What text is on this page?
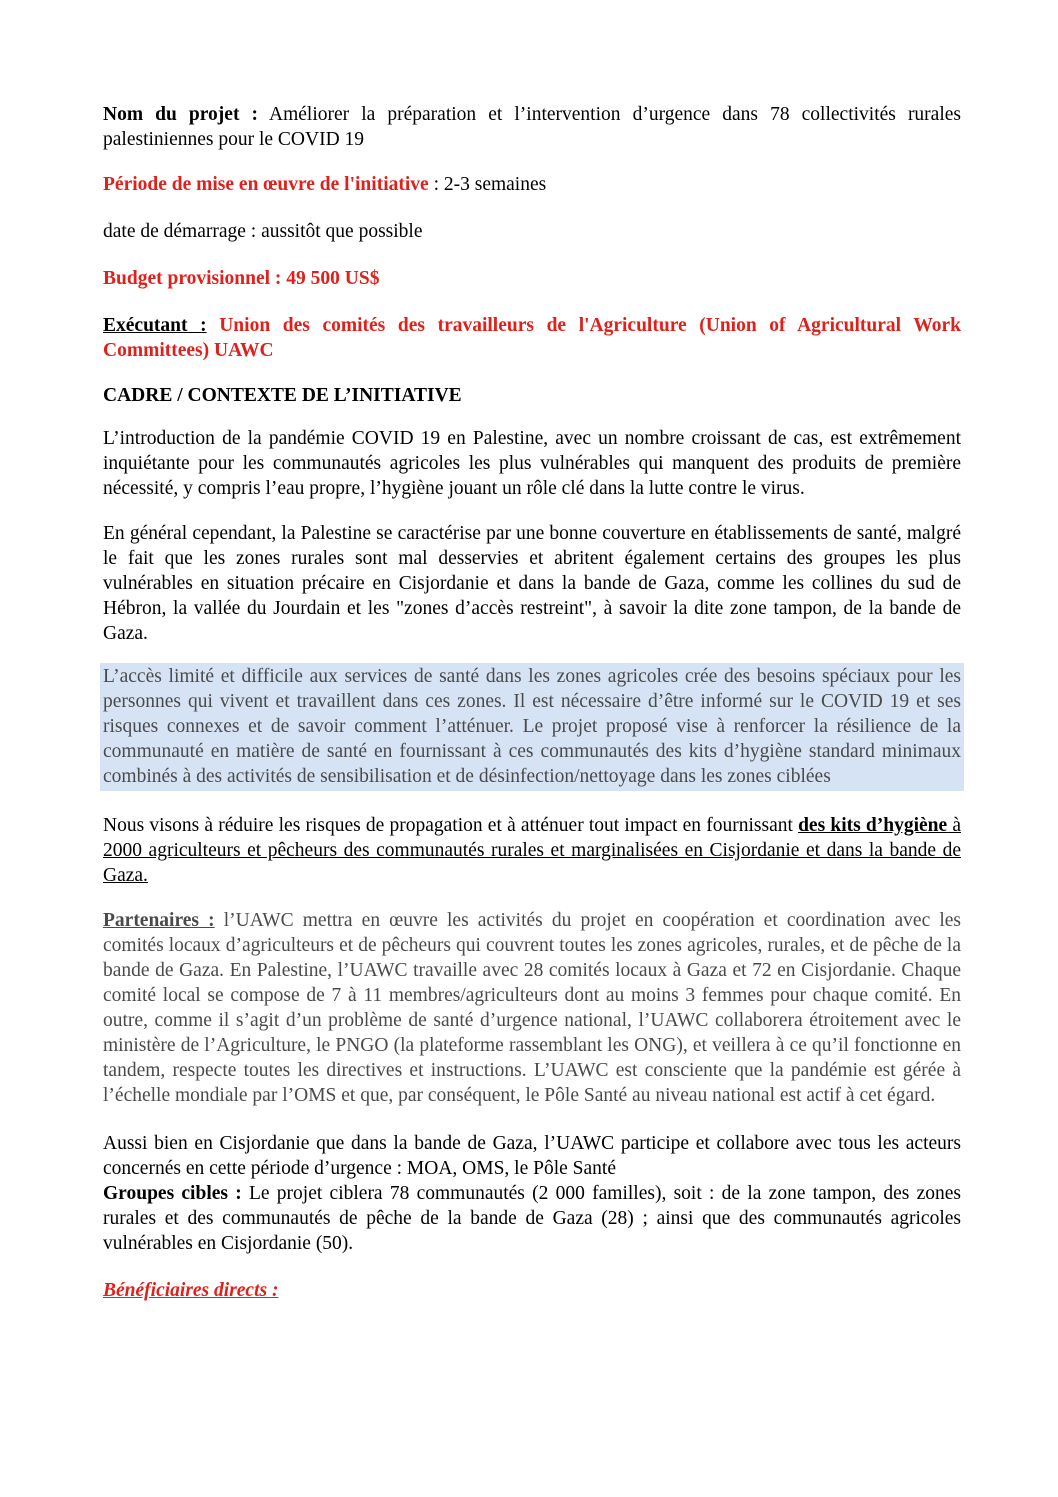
Nom du projet : Améliorer la préparation et l’intervention d’urgence dans 78 collectivités rurales palestiniennes pour le COVID 19

Période de mise en œuvre de l'initiative : 2-3 semaines

date de démarrage : aussitôt que possible

Budget provisionnel : 49 500 US$

Exécutant : Union des comités des travailleurs de l'Agriculture (Union of Agricultural Work Committees) UAWC

CADRE / CONTEXTE DE L’INITIATIVE

L’introduction de la pandémie COVID 19 en Palestine, avec un nombre croissant de cas, est extrêmement inquiétante pour les communautés agricoles les plus vulnérables qui manquent des produits de première nécessité, y compris l’eau propre, l’hygiène jouant un rôle clé dans la lutte contre le virus.

En général cependant, la Palestine se caractérise par une bonne couverture en établissements de santé, malgré le fait que les zones rurales sont mal desservies et abritent également certains des groupes les plus vulnérables en situation précaire en Cisjordanie et dans la bande de Gaza, comme les collines du sud de Hébron, la vallée du Jourdain et les "zones d’accès restreint", à savoir la dite zone tampon, de la bande de Gaza.

L’accès limité et difficile aux services de santé dans les zones agricoles crée des besoins spéciaux pour les personnes qui vivent et travaillent dans ces zones. Il est nécessaire d’être informé sur le COVID 19 et ses risques connexes et de savoir comment l’atténuer. Le projet proposé vise à renforcer la résilience de la communauté en matière de santé en fournissant à ces communautés des kits d’hygiène standard minimaux combinés à des activités de sensibilisation et de désinfection/nettoyage dans les zones ciblées

Nous visons à réduire les risques de propagation et à atténuer tout impact en fournissant des kits d’hygiène à 2000 agriculteurs et pêcheurs des communautés rurales et marginalisées en Cisjordanie et dans la bande de Gaza.

Partenaires : l’UAWC mettra en œuvre les activités du projet en coopération et coordination avec les comités locaux d’agriculteurs et de pêcheurs qui couvrent toutes les zones agricoles, rurales, et de pêche de la bande de Gaza. En Palestine, l’UAWC travaille avec 28 comités locaux à Gaza et 72 en Cisjordanie. Chaque comité local se compose de 7 à 11 membres/agriculteurs dont au moins 3 femmes pour chaque comité. En outre, comme il s’agit d’un problème de santé d’urgence national, l’UAWC collaborera étroitement avec le ministère de l’Agriculture, le PNGO (la plateforme rassemblant les ONG), et veillera à ce qu’il fonctionne en tandem, respecte toutes les directives et instructions. L’UAWC est consciente que la pandémie est gérée à l’échelle mondiale par l’OMS et que, par conséquent, le Pôle Santé au niveau national est actif à cet égard.

Aussi bien en Cisjordanie que dans la bande de Gaza, l’UAWC participe et collabore avec tous les acteurs concernés en cette période d’urgence : MOA, OMS, le Pôle Santé

Groupes cibles : Le projet ciblera 78 communautés (2 000 familles), soit : de la zone tampon, des zones rurales et des communautés de pêche de la bande de Gaza (28) ; ainsi que des communautés agricoles vulnérables en Cisjordanie (50).

Bénéficiaires directs :
